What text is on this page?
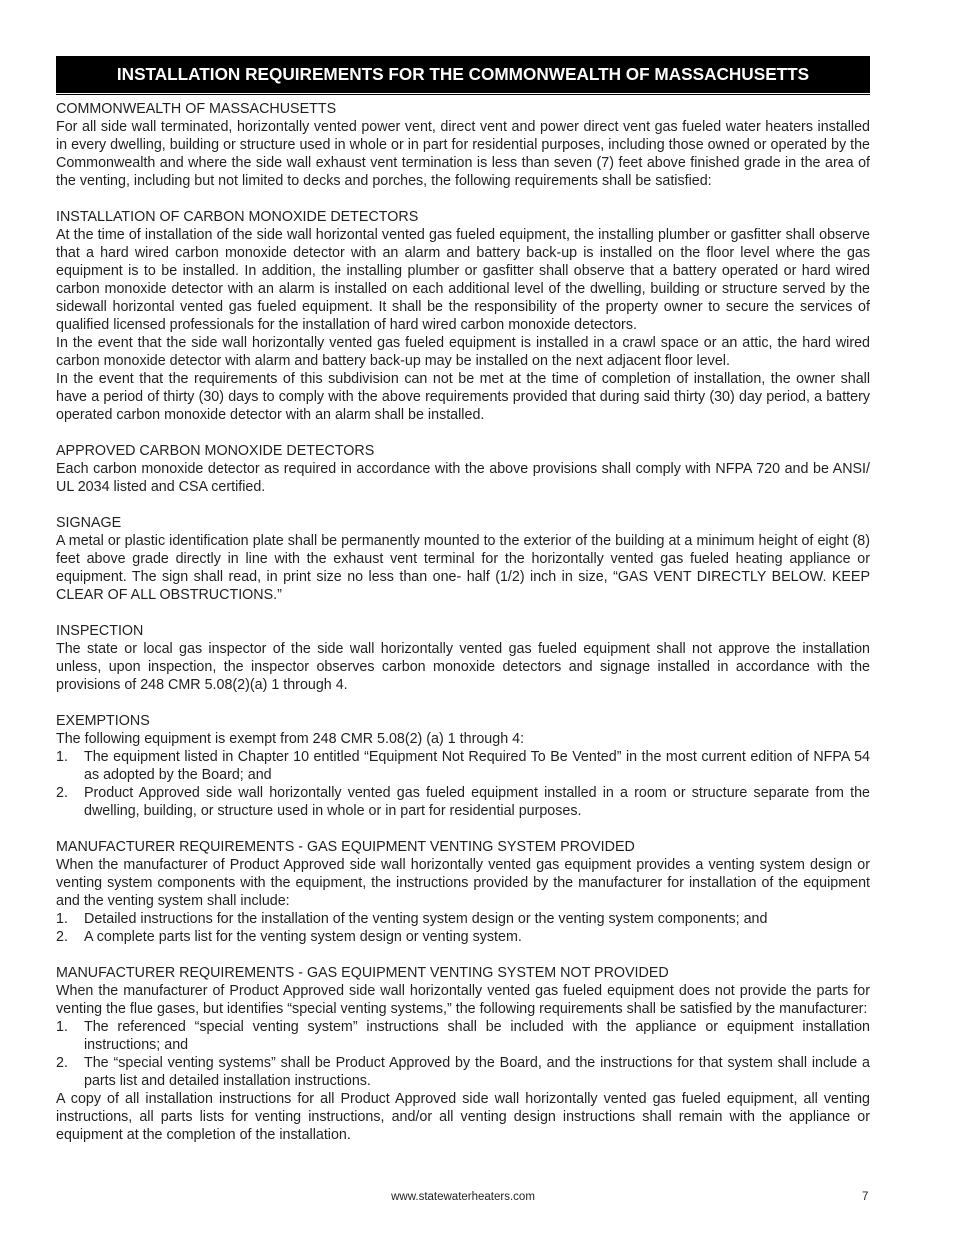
INSTALLATION REQUIREMENTS FOR THE COMMONWEALTH OF MASSACHUSETTS
COMMONWEALTH OF MASSACHUSETTS
For all side wall terminated, horizontally vented power vent, direct vent and power direct vent gas fueled water heaters installed in every dwelling, building or structure used in whole or in part for residential purposes, including those owned or operated by the Commonwealth and where the side wall exhaust vent termination is less than seven (7) feet above finished grade in the area of the venting, including but not limited to decks and porches, the following requirements shall be satisfied:
INSTALLATION OF CARBON MONOXIDE DETECTORS
At the time of installation of the side wall horizontal vented gas fueled equipment, the installing plumber or gasfitter shall observe that a hard wired carbon monoxide detector with an alarm and battery back-up is installed on the floor level where the gas equipment is to be installed. In addition, the installing plumber or gasfitter shall observe that a battery operated or hard wired carbon monoxide detector with an alarm is installed on each additional level of the dwelling, building or structure served by the sidewall horizontal vented gas fueled equipment. It shall be the responsibility of the property owner to secure the services of qualified licensed professionals for the installation of hard wired carbon monoxide detectors.
In the event that the side wall horizontally vented gas fueled equipment is installed in a crawl space or an attic, the hard wired carbon monoxide detector with alarm and battery back-up may be installed on the next adjacent floor level.
In the event that the requirements of this subdivision can not be met at the time of completion of installation, the owner shall have a period of thirty (30) days to comply with the above requirements provided that during said thirty (30) day period, a battery operated carbon monoxide detector with an alarm shall be installed.
APPROVED CARBON MONOXIDE DETECTORS
Each carbon monoxide detector as required in accordance with the above provisions shall comply with NFPA 720 and be ANSI/ UL 2034 listed and CSA certified.
SIGNAGE
A metal or plastic identification plate shall be permanently mounted to the exterior of the building at a minimum height of eight (8) feet above grade directly in line with the exhaust vent terminal for the horizontally vented gas fueled heating appliance or equipment. The sign shall read, in print size no less than one- half (1/2) inch in size, “GAS VENT DIRECTLY BELOW. KEEP CLEAR OF ALL OBSTRUCTIONS.”
INSPECTION
The state or local gas inspector of the side wall horizontally vented gas fueled equipment shall not approve the installation unless, upon inspection, the inspector observes carbon monoxide detectors and signage installed in accordance with the provisions of 248 CMR 5.08(2)(a) 1 through 4.
EXEMPTIONS
The following equipment is exempt from 248 CMR 5.08(2) (a) 1 through 4:
1.	The equipment listed in Chapter 10 entitled “Equipment Not Required To Be Vented” in the most current edition of NFPA 54 as adopted by the Board; and
2.	Product Approved side wall horizontally vented gas fueled equipment installed in a room or structure separate from the dwelling, building, or structure used in whole or in part for residential purposes.
MANUFACTURER REQUIREMENTS - GAS EQUIPMENT VENTING SYSTEM PROVIDED
When the manufacturer of Product Approved side wall horizontally vented gas equipment provides a venting system design or venting system components with the equipment, the instructions provided by the manufacturer for installation of the equipment and the venting system shall include:
1.	Detailed instructions for the installation of the venting system design or the venting system components; and
2.	A complete parts list for the venting system design or venting system.
MANUFACTURER REQUIREMENTS - GAS EQUIPMENT VENTING SYSTEM NOT PROVIDED
When the manufacturer of Product Approved side wall horizontally vented gas fueled equipment does not provide the parts for venting the flue gases, but identifies “special venting systems,” the following requirements shall be satisfied by the manufacturer:
1.	The referenced “special venting system” instructions shall be included with the appliance or equipment installation instructions; and
2.	The “special venting systems” shall be Product Approved by the Board, and the instructions for that system shall include a parts list and detailed installation instructions.
A copy of all installation instructions for all Product Approved side wall horizontally vented gas fueled equipment, all venting instructions, all parts lists for venting instructions, and/or all venting design instructions shall remain with the appliance or equipment at the completion of the installation.
www.statewaterheaters.com	7
